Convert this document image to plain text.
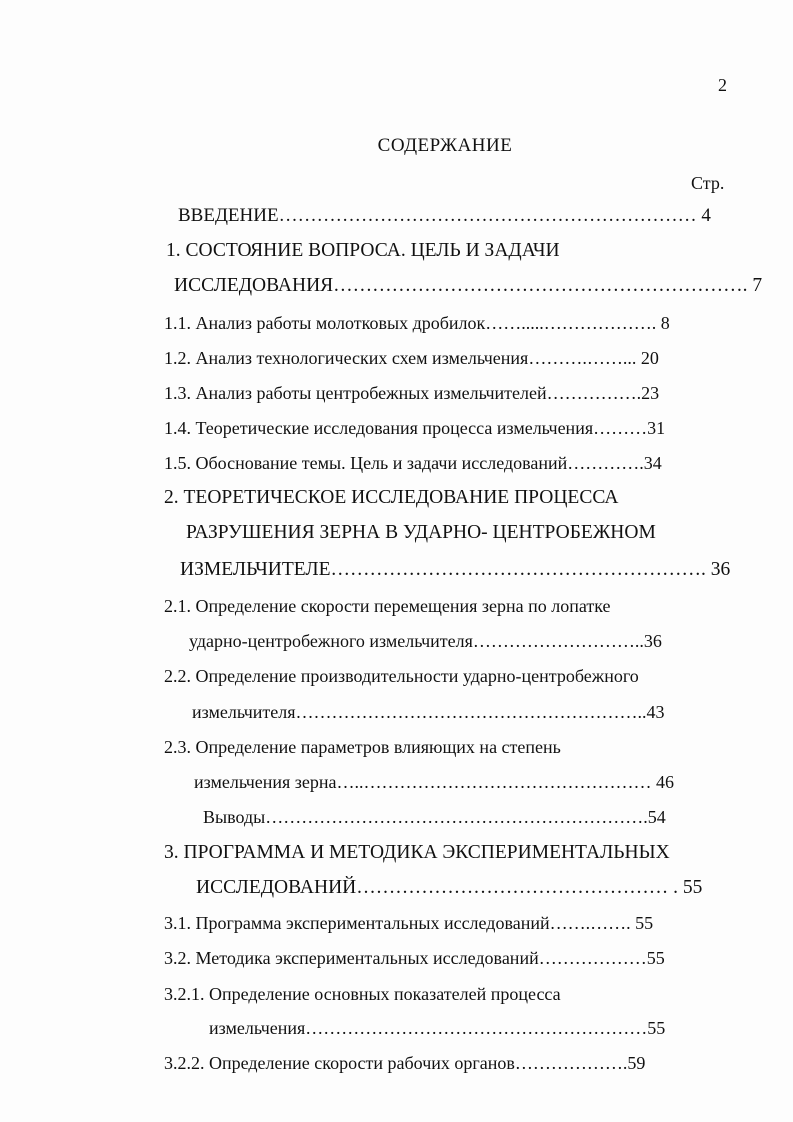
2
СОДЕРЖАНИЕ
Стр.
ВВЕДЕНИЕ………………………………………………………… 4
1. СОСТОЯНИЕ ВОПРОСА. ЦЕЛЬ И ЗАДАЧИ
ИССЛЕДОВАНИЯ………………………………………………………. 7
1.1. Анализ работы молотковых дробилок…….....………………. 8
1.2. Анализ технологических схем измельчения……….……... 20
1.3. Анализ работы центробежных измельчителей…………….23
1.4. Теоретические исследования процесса измельчения………31
1.5. Обоснование темы. Цель и задачи исследований………….34
2. ТЕОРЕТИЧЕСКОЕ ИССЛЕДОВАНИЕ ПРОЦЕССА
РАЗРУШЕНИЯ ЗЕРНА В УДАРНО- ЦЕНТРОБЕЖНОМ
ИЗМЕЛЬЧИТЕЛЕ…………………………………………………. 36
2.1. Определение скорости перемещения зерна по лопатке
ударно-центробежного измельчителя………………………..36
2.2. Определение производительности ударно-центробежного
измельчителя…………………………………………………..43
2.3. Определение параметров влияющих на степень
измельчения зерна…..………………………………………… 46
Выводы……………………………………………………….54
3. ПРОГРАММА И МЕТОДИКА ЭКСПЕРИМЕНТАЛЬНЫХ
ИССЛЕДОВАНИЙ………………………………………… . 55
3.1. Программа экспериментальных исследований…….……. 55
3.2. Методика экспериментальных исследований………………55
3.2.1. Определение основных показателей процесса
измельчения…………………………………………………55
3.2.2. Определение скорости рабочих органов……………….59
